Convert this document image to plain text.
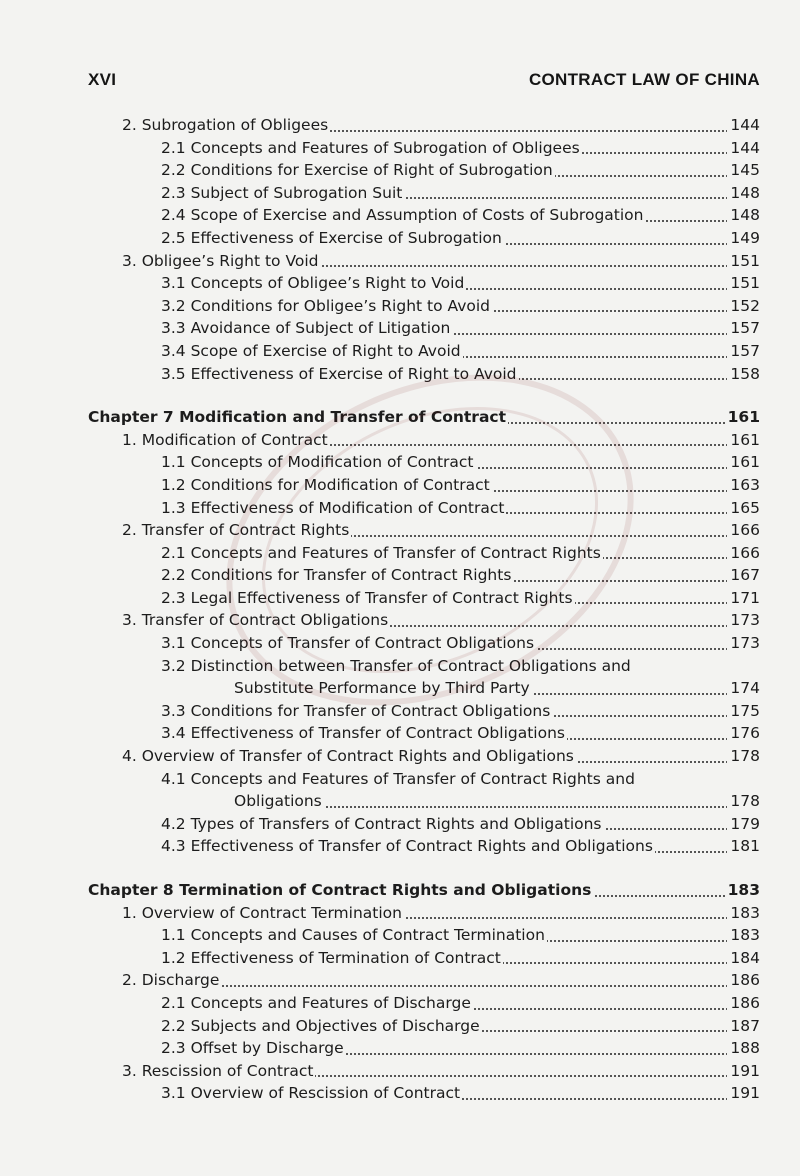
XVI	CONTRACT LAW OF CHINA
2. Subrogation of Obligees	144
2.1 Concepts and Features of Subrogation of Obligees	144
2.2 Conditions for Exercise of Right of Subrogation	145
2.3 Subject of Subrogation Suit	148
2.4 Scope of Exercise and Assumption of Costs of Subrogation	148
2.5 Effectiveness of Exercise of Subrogation	149
3. Obligee’s Right to Void	151
3.1 Concepts of Obligee’s Right to Void	151
3.2 Conditions for Obligee’s Right to Avoid	152
3.3 Avoidance of Subject of Litigation	157
3.4 Scope of Exercise of Right to Avoid	157
3.5 Effectiveness of Exercise of Right to Avoid	158
Chapter 7 Modification and Transfer of Contract	161
1. Modification of Contract	161
1.1 Concepts of Modification of Contract	161
1.2 Conditions for Modification of Contract	163
1.3 Effectiveness of Modification of Contract	165
2. Transfer of Contract Rights	166
2.1 Concepts and Features of Transfer of Contract Rights	166
2.2 Conditions for Transfer of Contract Rights	167
2.3 Legal Effectiveness of Transfer of Contract Rights	171
3. Transfer of Contract Obligations	173
3.1 Concepts of Transfer of Contract Obligations	173
3.2 Distinction between Transfer of Contract Obligations and
Substitute Performance by Third Party	174
3.3 Conditions for Transfer of Contract Obligations	175
3.4 Effectiveness of Transfer of Contract Obligations	176
4. Overview of Transfer of Contract Rights and Obligations	178
4.1 Concepts and Features of Transfer of Contract Rights and
Obligations	178
4.2 Types of Transfers of Contract Rights and Obligations	179
4.3 Effectiveness of Transfer of Contract Rights and Obligations	181
Chapter 8 Termination of Contract Rights and Obligations	183
1. Overview of Contract Termination	183
1.1 Concepts and Causes of Contract Termination	183
1.2 Effectiveness of Termination of Contract	184
2. Discharge	186
2.1 Concepts and Features of Discharge	186
2.2 Subjects and Objectives of Discharge	187
2.3 Offset by Discharge	188
3. Rescission of Contract	191
3.1 Overview of Rescission of Contract	191
